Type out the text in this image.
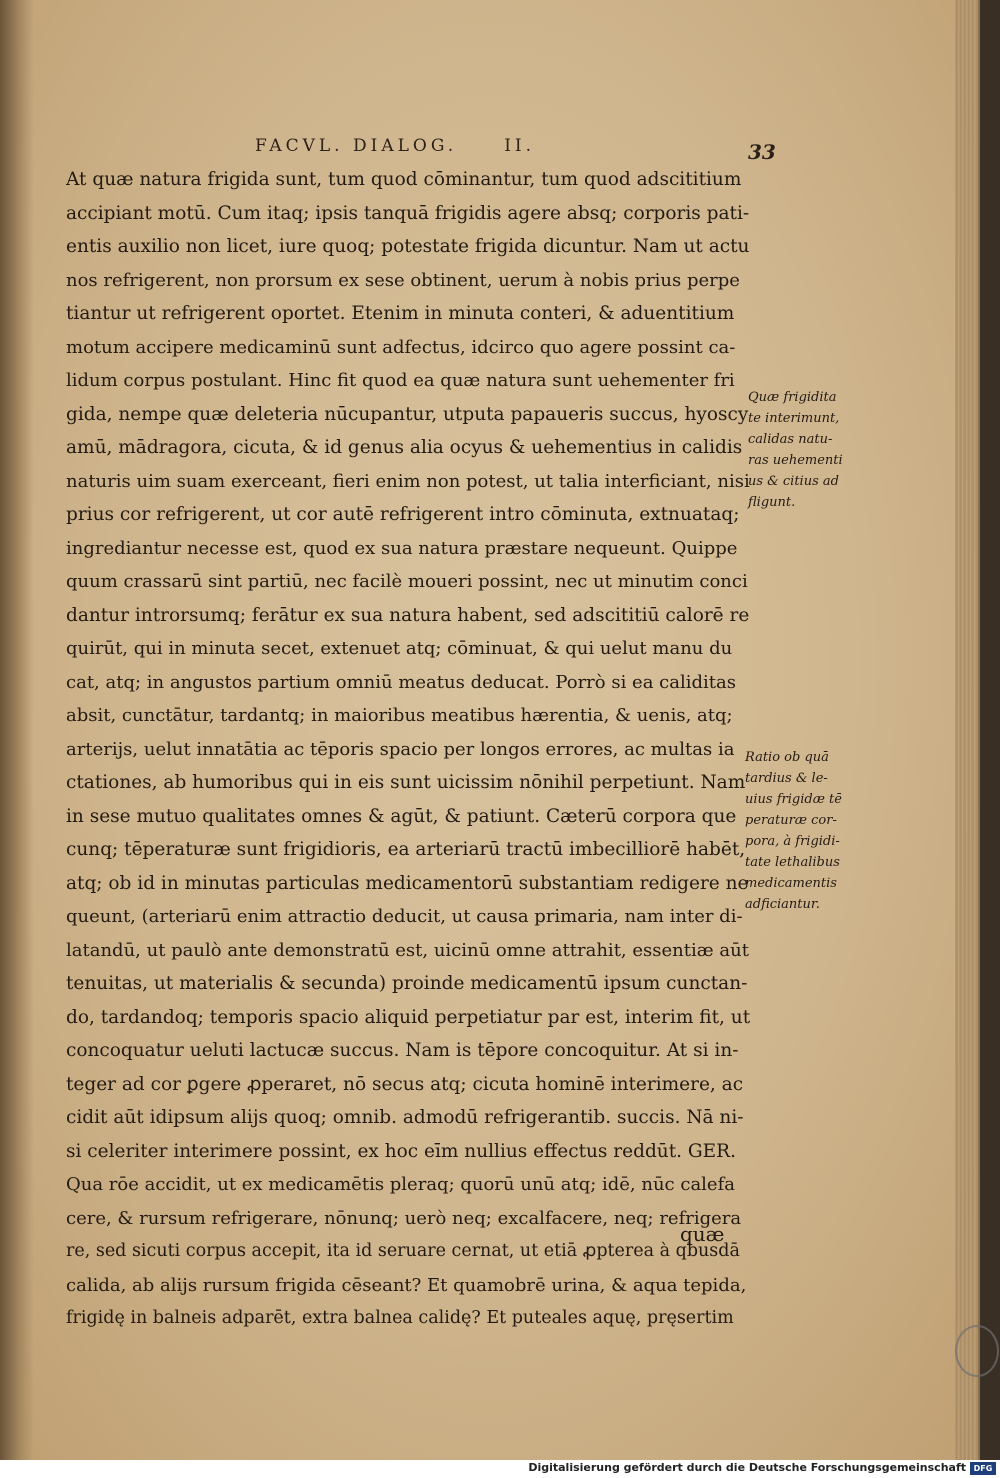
FACVL. DIALOG.     II.	33
At quæ natura frigida sunt, tum quod cōminantur, tum quod adscititium
accipiant motū. Cum itaq; ipsis tanquā frigidis agere absq; corporis pati-
entis auxilio non licet, iure quoq; potestate frigida dicuntur. Nam ut actu
nos refrigerent, non prorsum ex sese obtinent, uerum à nobis prius perpe
tiantur ut refrigerent oportet. Etenim in minuta conteri, & aduentitium
motum accipere medicaminū sunt adfectus, idcirco quo agere possint ca-
lidum corpus postulant. Hinc fit quod ea quæ natura sunt uehementer fri
gida, nempe quæ deleteria nūcupantur, utputa papaueris succus, hyoscy
amū, mādragora, cicuta, & id genus alia ocyus & uehementius in calidis
naturis uim suam exerceant, fieri enim non potest, ut talia interficiant, nisi
prius cor refrigerent, ut cor autē refrigerent intro cōminuta, extnuataq;
ingrediantur necesse est, quod ex sua natura præstare nequeunt. Quippe
quum crassarū sint partiū, nec facilè moueri possint, nec ut minutim conci
dantur introrsumq; ferātur ex sua natura habent, sed adscititiū calorē re
quirūt, qui in minuta secet, extenuet atq; cōminuat, & qui uelut manu du
cat, atq; in angustos partium omniū meatus deducat. Porrò si ea caliditas
absit, cunctātur, tardantq; in maioribus meatibus hærentia, & uenis, atq;
arterijs, uelut innatātia ac tēporis spacio per longos errores, ac multas ia
ctationes, ab humoribus qui in eis sunt uicissim nōnihil perpetiunt. Nam
in sese mutuo qualitates omnes & agūt, & patiunt. Cæterū corpora que
cunq; tēperaturæ sunt frigidioris, ea arteriarū tractū imbecilliorē habēt,
atq; ob id in minutas particulas medicamentorū substantiam redigere ne
queunt, (arteriarū enim attractio deducit, ut causa primaria, nam inter di-
latandū, ut paulò ante demonstratū est, uicinū omne attrahit, essentiæ aūt
tenuitas, ut materialis & secunda) proinde medicamentū ipsum cunctan-
do, tardandoq; temporis spacio aliquid perpetiatur par est, interim fit, ut
concoquatur ueluti lactucæ succus. Nam is tēpore concoquitur. At si in-
teger ad cor ꝑgere ꝓperaret, nō secus atq; cicuta hominē interimere, ac
cidit aūt idipsum alijs quoq; omnib. admodū refrigerantib. succis. Nā ni-
si celeriter interimere possint, ex hoc eīm nullius effectus reddūt. GER.
Qua rōe accidit, ut ex medicamētis pleraq; quorū unū atq; idē, nūc calefa
cere, & rursum refrigerare, nōnunq; uerò neq; excalfacere, neq; refrigera
re, sed sicuti corpus accepit, ita id seruare cernat, ut etiā ꝓpterea à qbusdā
calida, ab alijs rursum frigida cēseant? Et quamobrē urina, & aqua tepida,
frigidę in balneis adparēt, extra balnea calidę? Et puteales aquę, pręsertim
quæ
Quæ frigidita
te interimunt,
calidas natu-
ras uehementi
us & citius ad
fligunt.
Ratio ob quā
tardius & le-
uius frigidæ tē
peraturæ cor-
pora, à frigidi-
tate lethalibus
medicamentis
adficiantur.
Digitalisierung gefördert durch die Deutsche Forschungsgemeinschaft DFG
